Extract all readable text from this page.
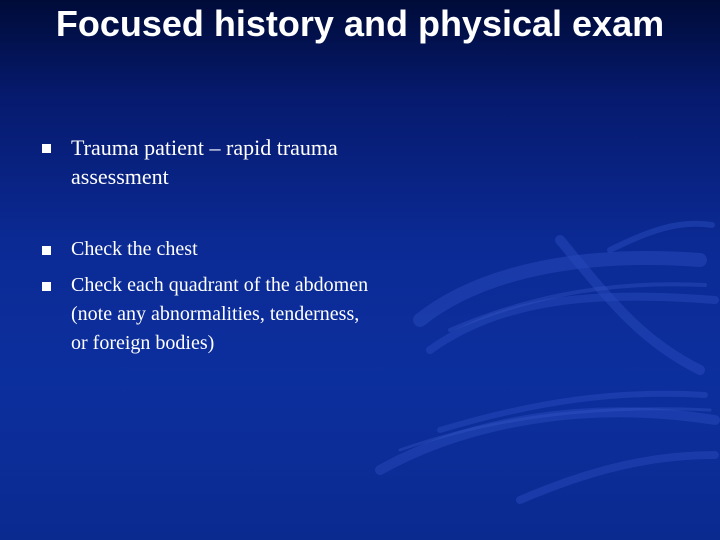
Focused history and physical exam
Trauma patient – rapid trauma assessment
Check the chest
Check each quadrant of the abdomen (note any abnormalities, tenderness, or foreign bodies)
